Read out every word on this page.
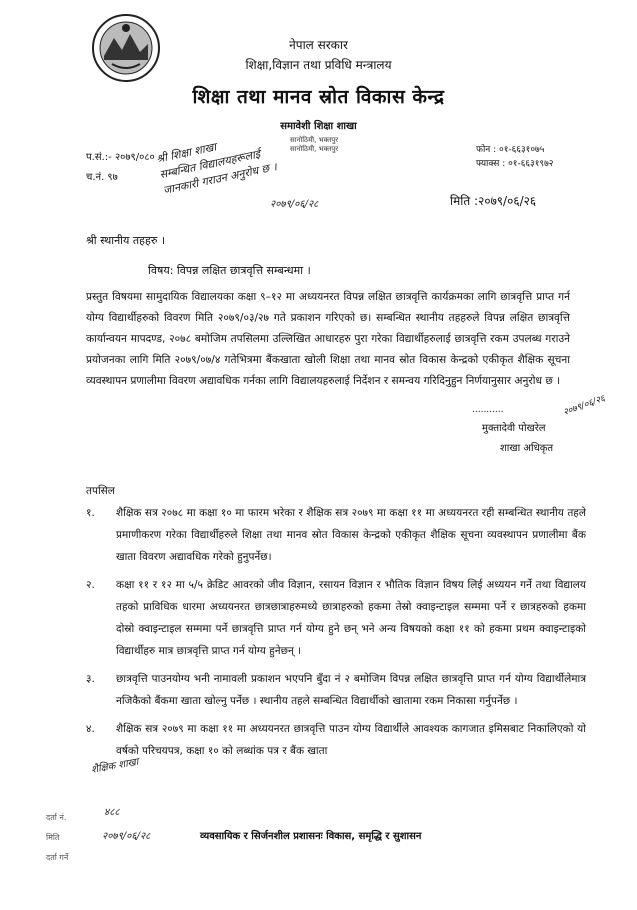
नेपाल सरकार
शिक्षा,विज्ञान तथा प्रविधि मन्त्रालय
शिक्षा तथा मानव स्रोत विकास केन्द्र
समावेशी शिक्षा शाखा
प.सं.:- २०७९/०८०
च.नं. ९७
सानोठिमी, भक्तपुर
सानोठिमी, भक्तपुर	फोन : ०१-६६३१०७५
फ्याक्स : ०१-६६३१९७२
श्री शिक्षा शाखा
सम्बन्धित विद्यालयहरूलाई
जानकारी गराउन अनुरोध छ ।
२०७९/०६/२८	मिति :२०७९/०६/२६
श्री स्थानीय तहहरु ।
विषय: विपन्न लक्षित छात्रवृत्ति सम्बन्धमा ।
प्रस्तुत विषयमा सामुदायिक विद्यालयका कक्षा ९–१२ मा अध्ययनरत विपन्न लक्षित छात्रवृत्ति कार्यक्रमका लागि छात्रवृत्ति प्राप्त गर्न योग्य विद्यार्थीहरुको विवरण मिति २०७९/०३/२७ गते प्रकाशन गरिएको छ। सम्बन्धित स्थानीय तहहरुले विपन्न लक्षित छात्रवृत्ति कार्यान्वयन मापदण्ड, २०७८ बमोजिम तपसिलमा उल्लिखित आधारहरु पुरा गरेका विद्यार्थीहरुलाई छात्रवृत्ति रकम उपलब्ध गराउने प्रयोजनका लागि मिति २०७९/०७/४ गतेभित्रमा बैंकखाता खोली शिक्षा तथा मानव स्रोत विकास केन्द्रको एकीकृत शैक्षिक सूचना व्यवस्थापन प्रणालीमा विवरण अद्यावधिक गर्नका लागि विद्यालयहरुलाई निर्देशन र समन्वय गरिदिनुहुन निर्णयानुसार अनुरोध छ ।
...........	२०७९/०६/२६
मुक्तादेवी पोखरेल
शाखा अधिकृत
तपसिल
१. शैक्षिक सत्र २०७८ मा कक्षा १० मा फारम भरेका र शैक्षिक सत्र २०७९ मा कक्षा ११ मा अध्ययनरत रही सम्बन्धित स्थानीय तहले प्रमाणीकरण गरेका विद्यार्थीहरुले शिक्षा तथा मानव स्रोत विकास केन्द्रको एकीकृत शैक्षिक सूचना व्यवस्थापन प्रणालीमा बैंक खाता विवरण अद्यावधिक गरेको हुनुपर्नेछ।
२. कक्षा ११ र १२ मा ५/५ क्रेडिट आवरको जीव विज्ञान, रसायन विज्ञान र भौतिक विज्ञान विषय लिई अध्ययन गर्ने तथा विद्यालय तहको प्राविधिक धारमा अध्ययनरत छात्रछात्राहरुमध्ये छात्राहरुको हकमा तेस्रो क्वाइन्टाइल सम्ममा पर्ने र छात्रहरुको हकमा दोस्रो क्वाइन्टाइल सम्ममा पर्ने छात्रवृत्ति प्राप्त गर्न योग्य हुने छन् भने अन्य विषयको कक्षा ११ को हकमा प्रथम क्वाइन्टाइको विद्यार्थीहरु मात्र छात्रवृत्ति प्राप्त गर्न योग्य हुनेछन् ।
३. छात्रवृत्ति पाउनयोग्य भनी नामावली प्रकाशन भएपनि बुँदा नं २ बमोजिम विपन्न लक्षित छात्रवृत्ति प्राप्त गर्न योग्य विद्यार्थीलेमात्र नजिकैको बैंकमा खाता खोल्नु पर्नेछ । स्थानीय तहले सम्बन्धित विद्यार्थीको खातामा रकम निकासा गर्नुपर्नेछ ।
४. शैक्षिक सत्र २०७९ मा कक्षा ११ मा अध्ययनरत छात्रवृत्ति पाउन योग्य विद्यार्थीले आवश्यक कागजात इमिसबाट निकालिएको यो वर्षको परिचयपत्र, कक्षा १० को लब्धांक पत्र र बैंक खाता
दर्ता नं.
मिति
दर्ता गर्ने
शैक्षिक शाखा
४८८
२०७९/०६/२८	व्यवसायिक र सिर्जनशील प्रशासनः विकास, समृद्धि र सुशासन
